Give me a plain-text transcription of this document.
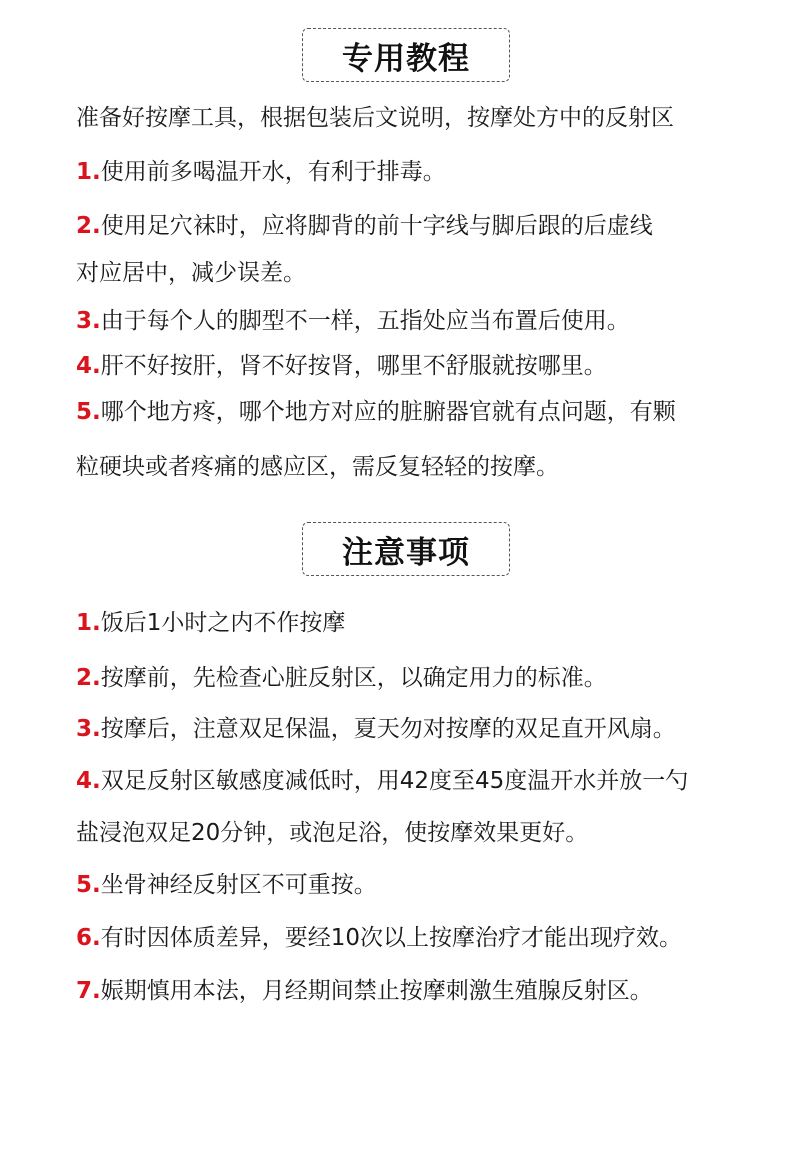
专用教程
准备好按摩工具，根据包装后文说明，按摩处方中的反射区
1.使用前多喝温开水，有利于排毒。
2.使用足穴袜时，应将脚背的前十字线与脚后跟的后虚线
对应居中，减少误差。
3.由于每个人的脚型不一样，五指处应当布置后使用。
4.肝不好按肝，肾不好按肾，哪里不舒服就按哪里。
5.哪个地方疼，哪个地方对应的脏腑器官就有点问题，有颗
粒硬块或者疼痛的感应区，需反复轻轻的按摩。
注意事项
1.饭后1小时之内不作按摩
2.按摩前，先检查心脏反射区，以确定用力的标准。
3.按摩后，注意双足保温，夏天勿对按摩的双足直开风扇。
4.双足反射区敏感度减低时，用42度至45度温开水并放一勺
盐浸泡双足20分钟，或泡足浴，使按摩效果更好。
5.坐骨神经反射区不可重按。
6.有时因体质差异，要经10次以上按摩治疗才能出现疗效。
7.娠期慎用本法，月经期间禁止按摩刺激生殖腺反射区。
